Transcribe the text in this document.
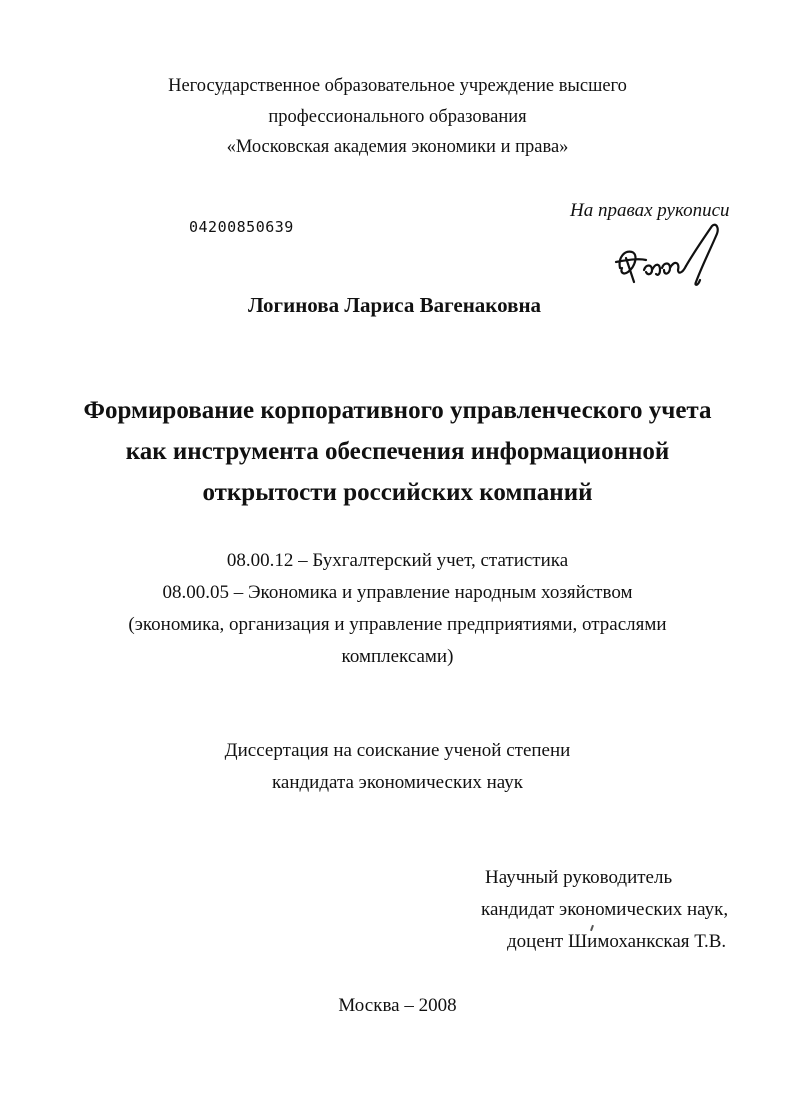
Негосударственное образовательное учреждение высшего
профессионального образования
«Московская академия экономики и права»
На правах рукописи
04200850639
Логинова Лариса Вагенаковна
Формирование корпоративного управленческого учета
как инструмента обеспечения информационной
открытости российских компаний
08.00.12 – Бухгалтерский учет, статистика
08.00.05 – Экономика и управление народным хозяйством
(экономика, организация и управление предприятиями, отраслями
комплексами)
Диссертация на соискание ученой степени
кандидата экономических наук
Научный руководитель
кандидат экономических наук,
доцент Шимоханкская Т.В.
Москва – 2008
